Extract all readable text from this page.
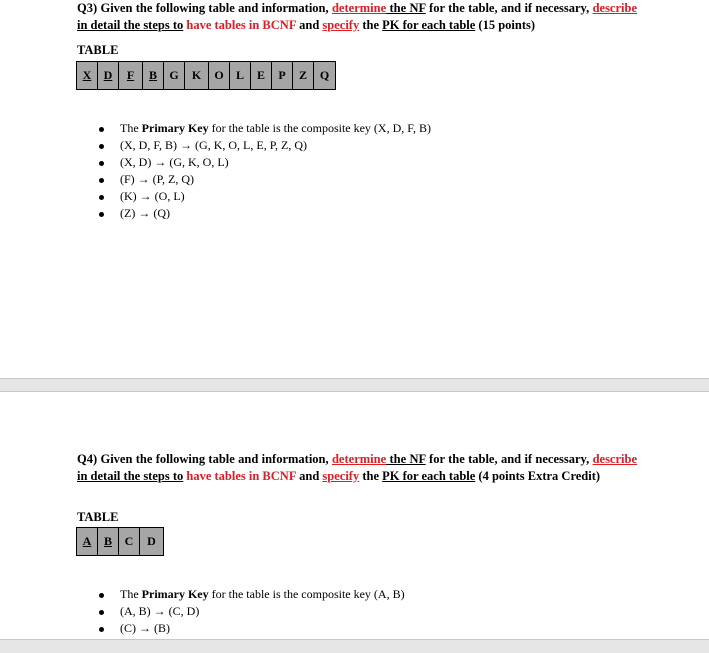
Q3) Given the following table and information, determine the NF for the table, and if necessary, describe in detail the steps to have tables in BCNF and specify the PK for each table (15 points)
TABLE
X	D	F	B	G	K	O	L	E	P	Z	Q
The Primary Key for the table is the composite key (X, D, F, B)
(X, D, F, B) → (G, K, O, L, E, P, Z, Q)
(X, D) → (G, K, O, L)
(F) → (P, Z, Q)
(K) → (O, L)
(Z) → (Q)
Q4) Given the following table and information, determine the NF for the table, and if necessary, describe in detail the steps to have tables in BCNF and specify the PK for each table (4 points Extra Credit)
TABLE
A	B	C	D
The Primary Key for the table is the composite key (A, B)
(A, B) → (C, D)
(C) → (B)
